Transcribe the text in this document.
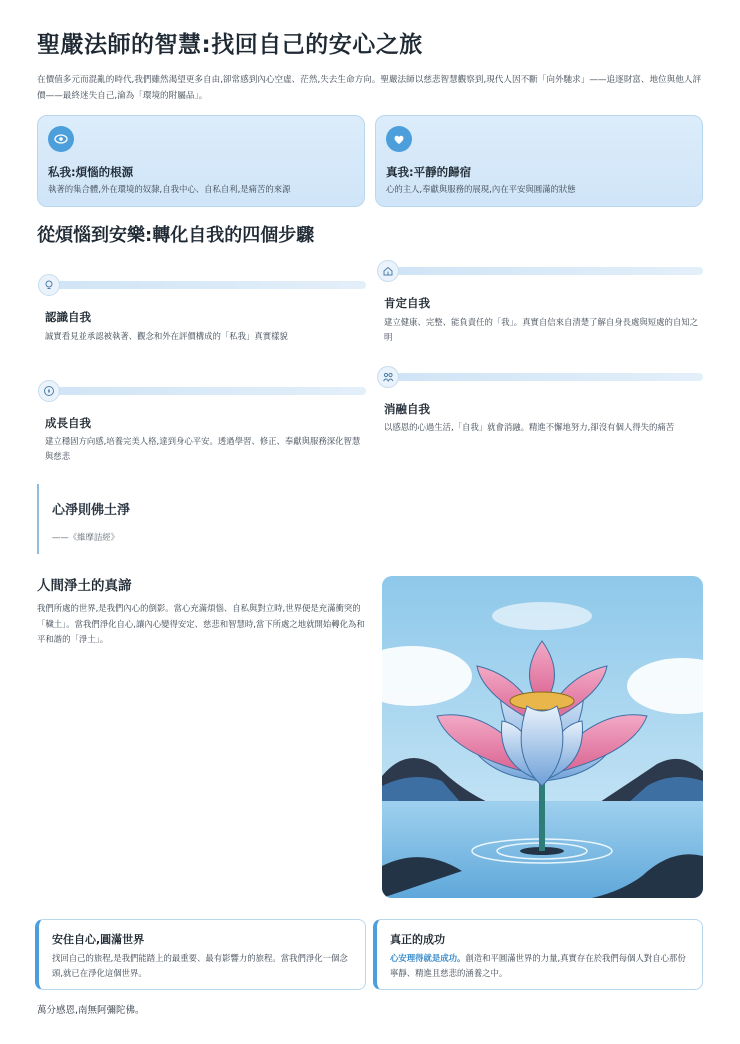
聖嚴法師的智慧:找回自己的安心之旅
在價值多元而混亂的時代,我們雖然渴望更多自由,卻常感到內心空虛、茫然,失去生命方向。聖嚴法師以慈悲智慧觀察到,現代人因不斷「向外馳求」——追逐財富、地位與他人評價——最終迷失自己,淪為「環境的附屬品」。
私我:煩惱的根源

執著的集合體,外在環境的奴隸,自我中心、自私自利,是痛苦的來源

真我:平靜的歸宿

心的主人,奉獻與服務的展現,內在平安與圓滿的狀態

從煩惱到安樂:轉化自我的四個步驟
認識自我

誠實看見並承認被執著、觀念和外在評價構成的「私我」真實樣貌

肯定自我

建立健康、完整、能負責任的「我」。真實自信來自清楚了解自身長處與短處的自知之明

成長自我

建立穩固方向感,培養完美人格,達到身心平安。透過學習、修正、奉獻與服務深化智慧與慈悲

消融自我

以感恩的心過生活,「自我」就會消融。精進不懈地努力,卻沒有個人得失的痛苦

心淨則佛土淨
——《維摩詰經》
人間淨土的真諦
我們所處的世界,是我們內心的倒影。當心充滿煩惱、自私與對立時,世界便是充滿衝突的「穢土」。當我們淨化自心,讓內心變得安定、慈悲和智慧時,當下所處之地就開始轉化為和平和諧的「淨土」。
安住自心,圓滿世界

找回自己的旅程,是我們能踏上的最重要、最有影響力的旅程。當我們淨化一個念頭,就已在淨化這個世界。

真正的成功

心安理得就是成功。創造和平圓滿世界的力量,真實存在於我們每個人對自心那份寧靜、精進且慈悲的涵養之中。

萬分感恩,南無阿彌陀佛。
